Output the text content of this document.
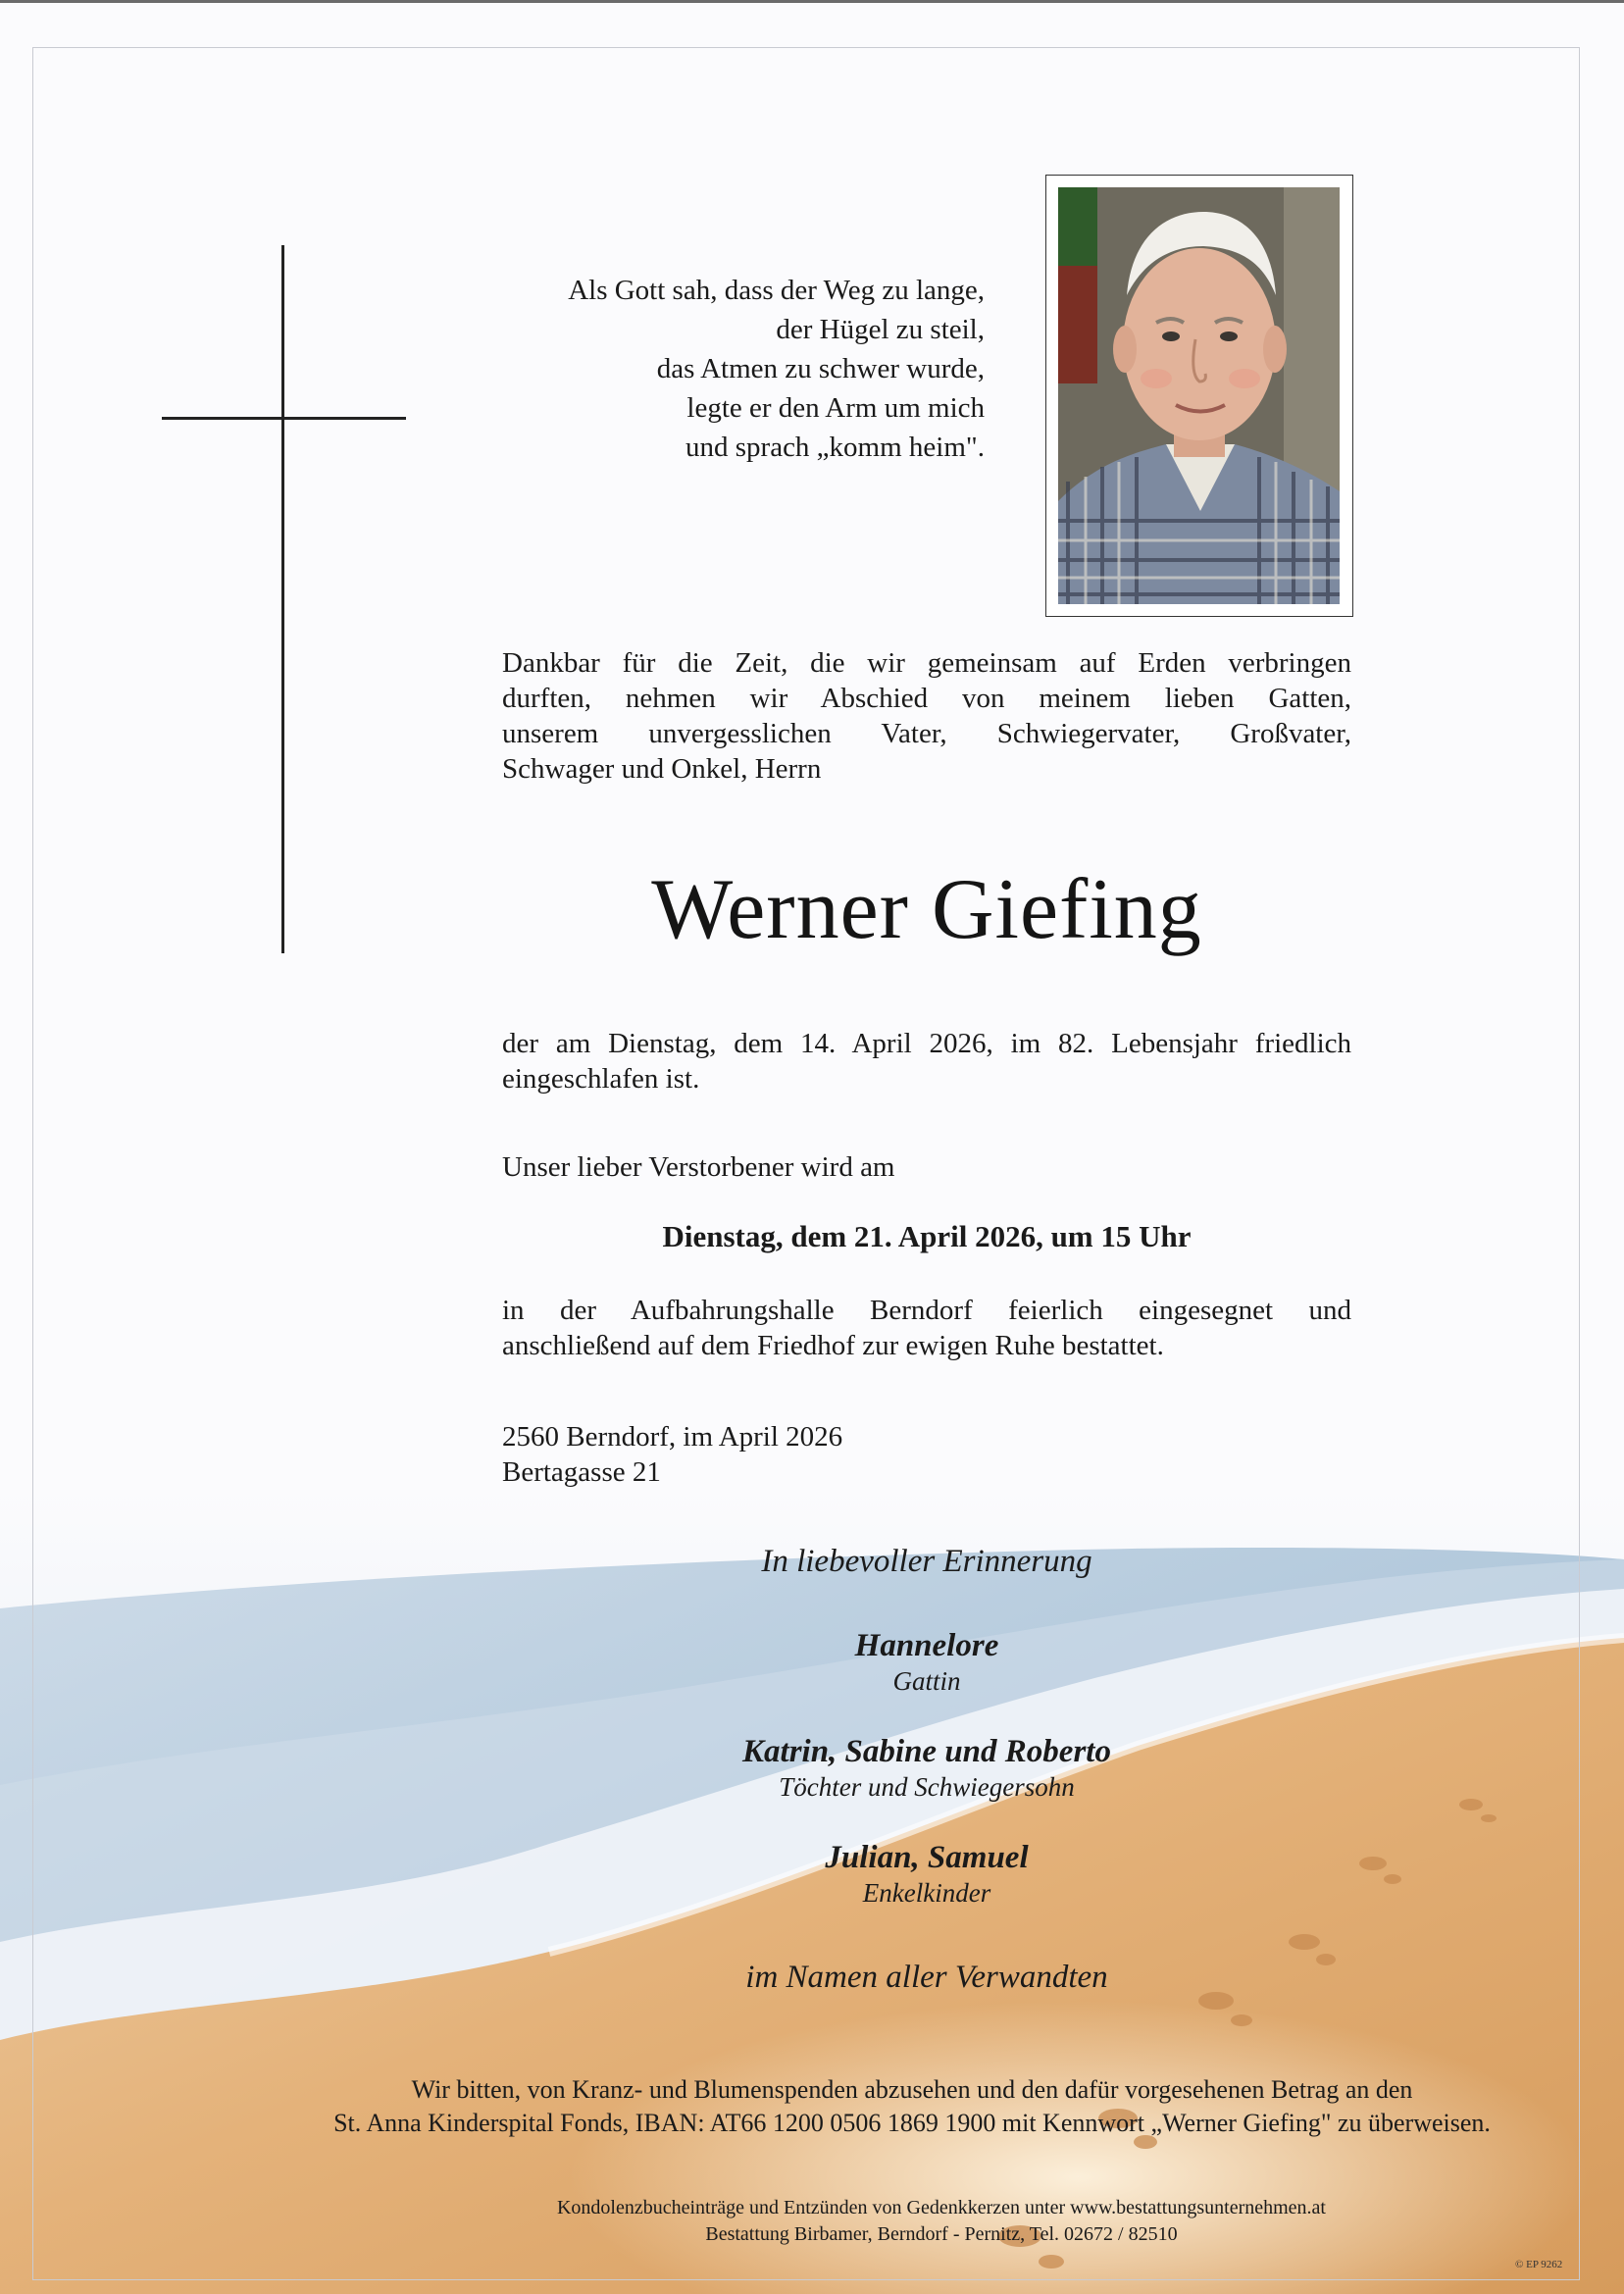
Als Gott sah, dass der Weg zu lange,
der Hügel zu steil,
das Atmen zu schwer wurde,
legte er den Arm um mich
und sprach „komm heim".
Dankbar für die Zeit, die wir gemeinsam auf Erden verbringen
durften, nehmen wir Abschied von meinem lieben Gatten,
unserem unvergesslichen Vater, Schwiegervater, Großvater,
Schwager und Onkel, Herrn
Werner Giefing
der am Dienstag, dem 14. April 2026, im 82. Lebensjahr friedlich
eingeschlafen ist.
Unser lieber Verstorbener wird am
Dienstag, dem 21. April 2026, um 15 Uhr
in der Aufbahrungshalle Berndorf feierlich eingesegnet und
anschließend auf dem Friedhof zur ewigen Ruhe bestattet.
2560 Berndorf, im April 2026
Bertagasse 21
In liebevoller Erinnerung
Hannelore
Gattin
Katrin, Sabine und Roberto
Töchter und Schwiegersohn
Julian, Samuel
Enkelkinder
im Namen aller Verwandten
Wir bitten, von Kranz- und Blumenspenden abzusehen und den dafür vorgesehenen Betrag an den
St. Anna Kinderspital Fonds, IBAN: AT66 1200 0506 1869 1900 mit Kennwort „Werner Giefing" zu überweisen.
Kondolenzbucheinträge und Entzünden von Gedenkkerzen unter www.bestattungsunternehmen.at
Bestattung Birbamer, Berndorf - Pernitz, Tel. 02672 / 82510
© EP 9262
